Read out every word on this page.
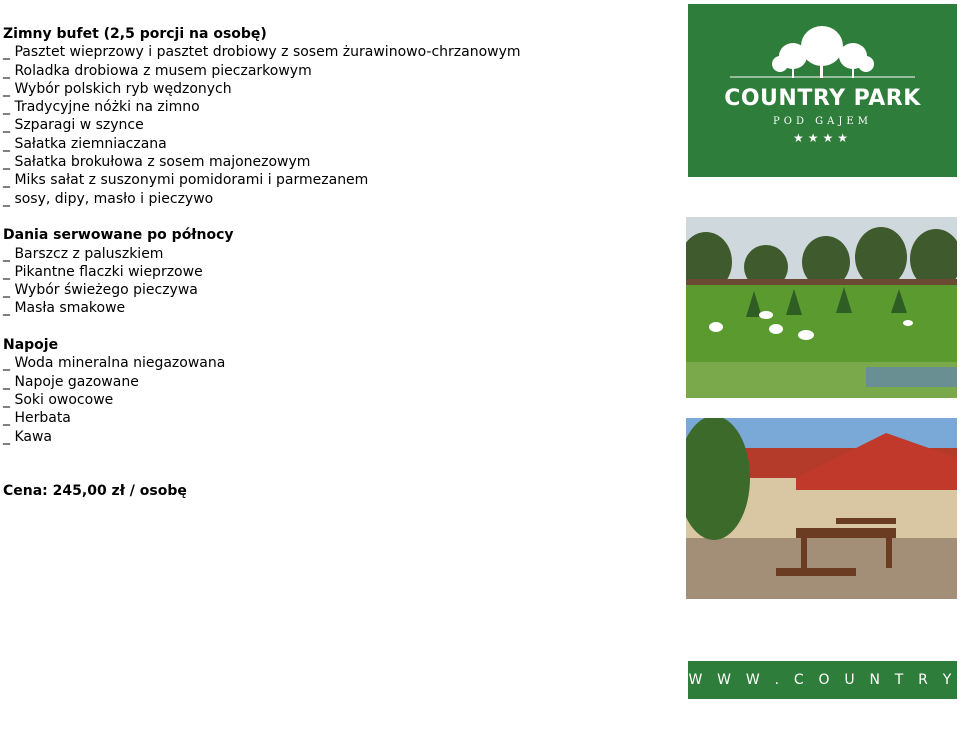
Zimny bufet (2,5 porcji na osobę)
_ Pasztet wieprzowy i pasztet drobiowy z sosem żurawinowo-chrzanowym
_ Roladka drobiowa z musem pieczarkowym
_ Wybór polskich ryb wędzonych
_ Tradycyjne nóżki na zimno
_ Szparagi w szynce
_ Sałatka ziemniaczana
_ Sałatka brokułowa z sosem majonezowym
_ Miks sałat z suszonymi pomidorami i parmezanem
_ sosy, dipy, masło i pieczywo
Dania serwowane po północy
_ Barszcz z paluszkiem
_ Pikantne flaczki wieprzowe
_ Wybór świeżego pieczywa
_ Masła smakowe
Napoje
_ Woda mineralna niegazowana
_ Napoje gazowane
_ Soki owocowe
_ Herbata
_ Kawa
Cena: 245,00 zł / osobę
COUNTRY PARK
POD GAJEM
★★★★
W W W . C O U N T R Y P A R K . P L
